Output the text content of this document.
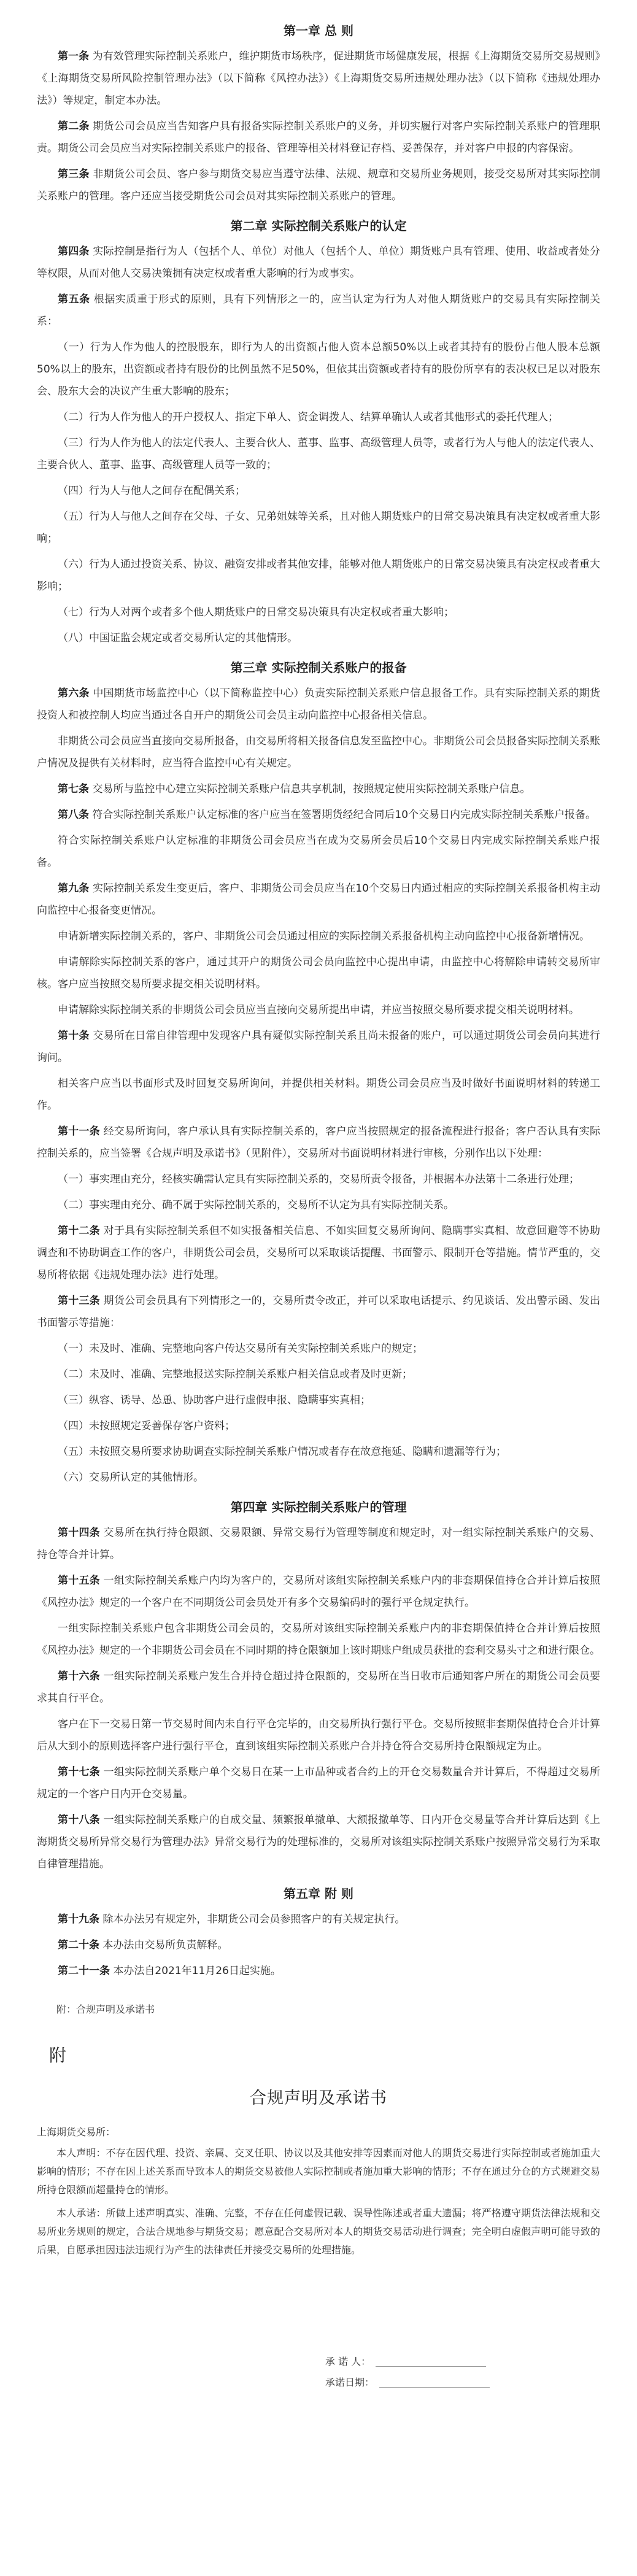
第一章 总 则

第一条 为有效管理实际控制关系账户，维护期货市场秩序，促进期货市场健康发展，根据《上海期货交易所交易规则》《上海期货交易所风险控制管理办法》（以下简称《风控办法》）《上海期货交易所违规处理办法》（以下简称《违规处理办法》）等规定，制定本办法。

第二条 期货公司会员应当告知客户具有报备实际控制关系账户的义务，并切实履行对客户实际控制关系账户的管理职责。期货公司会员应当对实际控制关系账户的报备、管理等相关材料登记存档、妥善保存，并对客户申报的内容保密。

第三条 非期货公司会员、客户参与期货交易应当遵守法律、法规、规章和交易所业务规则，接受交易所对其实际控制关系账户的管理。客户还应当接受期货公司会员对其实际控制关系账户的管理。

第二章 实际控制关系账户的认定

第四条 实际控制是指行为人（包括个人、单位）对他人（包括个人、单位）期货账户具有管理、使用、收益或者处分等权限，从而对他人交易决策拥有决定权或者重大影响的行为或事实。

第五条 根据实质重于形式的原则，具有下列情形之一的，应当认定为行为人对他人期货账户的交易具有实际控制关系：

（一）行为人作为他人的控股股东，即行为人的出资额占他人资本总额50%以上或者其持有的股份占他人股本总额50%以上的股东，出资额或者持有股份的比例虽然不足50%，但依其出资额或者持有的股份所享有的表决权已足以对股东会、股东大会的决议产生重大影响的股东；

（二）行为人作为他人的开户授权人、指定下单人、资金调拨人、结算单确认人或者其他形式的委托代理人；

（三）行为人作为他人的法定代表人、主要合伙人、董事、监事、高级管理人员等，或者行为人与他人的法定代表人、主要合伙人、董事、监事、高级管理人员等一致的；

（四）行为人与他人之间存在配偶关系；

（五）行为人与他人之间存在父母、子女、兄弟姐妹等关系，且对他人期货账户的日常交易决策具有决定权或者重大影响；

（六）行为人通过投资关系、协议、融资安排或者其他安排，能够对他人期货账户的日常交易决策具有决定权或者重大影响；

（七）行为人对两个或者多个他人期货账户的日常交易决策具有决定权或者重大影响；

（八）中国证监会规定或者交易所认定的其他情形。

第三章 实际控制关系账户的报备

第六条 中国期货市场监控中心（以下简称监控中心）负责实际控制关系账户信息报备工作。具有实际控制关系的期货投资人和被控制人均应当通过各自开户的期货公司会员主动向监控中心报备相关信息。

非期货公司会员应当直接向交易所报备，由交易所将相关报备信息发至监控中心。非期货公司会员报备实际控制关系账户情况及提供有关材料时，应当符合监控中心有关规定。

第七条 交易所与监控中心建立实际控制关系账户信息共享机制，按照规定使用实际控制关系账户信息。

第八条 符合实际控制关系账户认定标准的客户应当在签署期货经纪合同后10个交易日内完成实际控制关系账户报备。

符合实际控制关系账户认定标准的非期货公司会员应当在成为交易所会员后10个交易日内完成实际控制关系账户报备。

第九条 实际控制关系发生变更后，客户、非期货公司会员应当在10个交易日内通过相应的实际控制关系报备机构主动向监控中心报备变更情况。

申请新增实际控制关系的，客户、非期货公司会员通过相应的实际控制关系报备机构主动向监控中心报备新增情况。

申请解除实际控制关系的客户，通过其开户的期货公司会员向监控中心提出申请，由监控中心将解除申请转交易所审核。客户应当按照交易所要求提交相关说明材料。

申请解除实际控制关系的非期货公司会员应当直接向交易所提出申请，并应当按照交易所要求提交相关说明材料。

第十条 交易所在日常自律管理中发现客户具有疑似实际控制关系且尚未报备的账户，可以通过期货公司会员向其进行询问。

相关客户应当以书面形式及时回复交易所询问，并提供相关材料。期货公司会员应当及时做好书面说明材料的转递工作。

第十一条 经交易所询问，客户承认具有实际控制关系的，客户应当按照规定的报备流程进行报备；客户否认具有实际控制关系的，应当签署《合规声明及承诺书》（见附件），交易所对书面说明材料进行审核，分别作出以下处理：

（一）事实理由充分，经核实确需认定具有实际控制关系的，交易所责令报备，并根据本办法第十二条进行处理；

（二）事实理由充分、确不属于实际控制关系的，交易所不认定为具有实际控制关系。

第十二条 对于具有实际控制关系但不如实报备相关信息、不如实回复交易所询问、隐瞒事实真相、故意回避等不协助调查和不协助调查工作的客户，非期货公司会员，交易所可以采取谈话提醒、书面警示、限制开仓等措施。情节严重的，交易所将依据《违规处理办法》进行处理。

第十三条 期货公司会员具有下列情形之一的，交易所责令改正，并可以采取电话提示、约见谈话、发出警示函、发出书面警示等措施：

（一）未及时、准确、完整地向客户传达交易所有关实际控制关系账户的规定；

（二）未及时、准确、完整地报送实际控制关系账户相关信息或者及时更新；

（三）纵容、诱导、怂恿、协助客户进行虚假申报、隐瞒事实真相；

（四）未按照规定妥善保存客户资料；

（五）未按照交易所要求协助调查实际控制关系账户情况或者存在故意拖延、隐瞒和遗漏等行为；

（六）交易所认定的其他情形。

第四章 实际控制关系账户的管理

第十四条 交易所在执行持仓限额、交易限额、异常交易行为管理等制度和规定时，对一组实际控制关系账户的交易、持仓等合并计算。

第十五条 一组实际控制关系账户内均为客户的，交易所对该组实际控制关系账户内的非套期保值持仓合并计算后按照《风控办法》规定的一个客户在不同期货公司会员处开有多个交易编码时的强行平仓规定执行。

一组实际控制关系账户包含非期货公司会员的，交易所对该组实际控制关系账户内的非套期保值持仓合并计算后按照《风控办法》规定的一个非期货公司会员在不同时期的持仓限额加上该时期账户组成员获批的套利交易头寸之和进行限仓。

第十六条 一组实际控制关系账户发生合并持仓超过持仓限额的，交易所在当日收市后通知客户所在的期货公司会员要求其自行平仓。

客户在下一交易日第一节交易时间内未自行平仓完毕的，由交易所执行强行平仓。交易所按照非套期保值持仓合并计算后从大到小的原则选择客户进行强行平仓，直到该组实际控制关系账户合并持仓符合交易所持仓限额规定为止。

第十七条 一组实际控制关系账户单个交易日在某一上市品种或者合约上的开仓交易数量合并计算后，不得超过交易所规定的一个客户日内开仓交易量。

第十八条 一组实际控制关系账户的自成交量、频繁报单撤单、大额报撤单等、日内开仓交易量等合并计算后达到《上海期货交易所异常交易行为管理办法》异常交易行为的处理标准的，交易所对该组实际控制关系账户按照异常交易行为采取自律管理措施。

第五章 附 则

第十九条 除本办法另有规定外，非期货公司会员参照客户的有关规定执行。

第二十条 本办法由交易所负责解释。

第二十一条 本办法自2021年11月26日起实施。

附：合规声明及承诺书

附
合规声明及承诺书
上海期货交易所：

本人声明：不存在因代理、投资、亲属、交叉任职、协议以及其他安排等因素而对他人的期货交易进行实际控制或者施加重大影响的情形；不存在因上述关系而导致本人的期货交易被他人实际控制或者施加重大影响的情形；不存在通过分仓的方式规避交易所持仓限额而超量持仓的情形。

本人承诺：所做上述声明真实、准确、完整，不存在任何虚假记载、误导性陈述或者重大遗漏；将严格遵守期货法律法规和交易所业务规则的规定，合法合规地参与期货交易；愿意配合交易所对本人的期货交易活动进行调查；完全明白虚假声明可能导致的后果，自愿承担因违法违规行为产生的法律责任并接受交易所的处理措施。

承 诺 人：
承诺日期：
